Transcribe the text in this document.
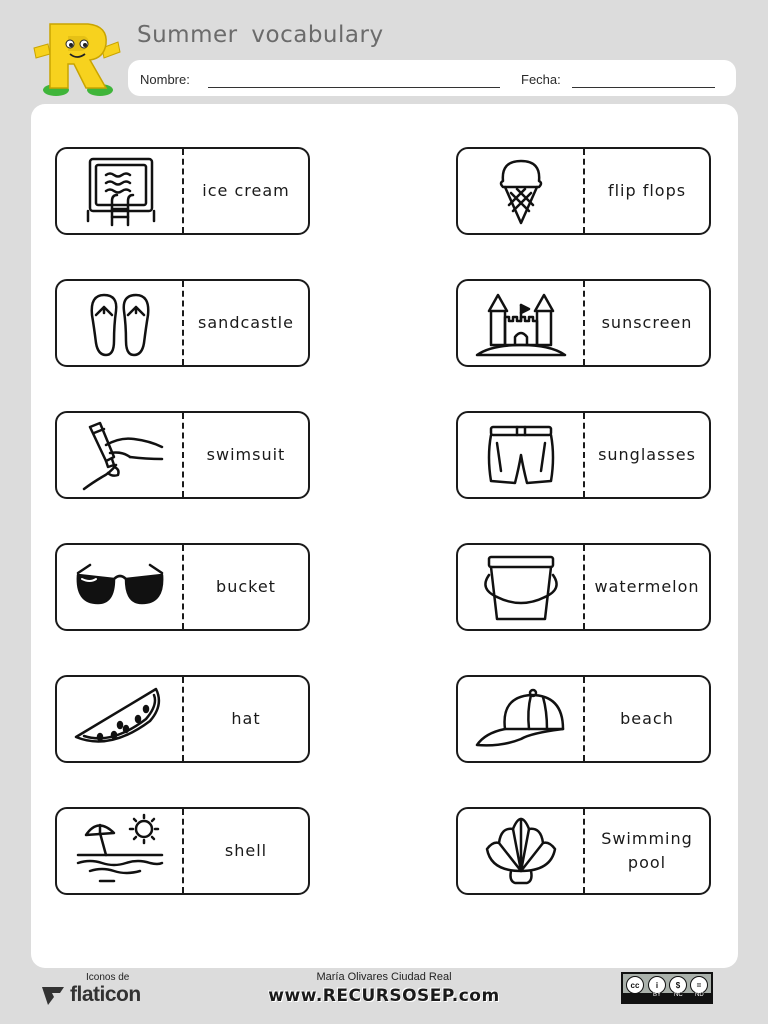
Summer vocabulary
Nombre:	Fecha:
ice cream	flip flops
sandcastle	sunscreen
swimsuit	sunglasses
bucket	watermelon
hat	beach
shell
Swimming pool
Iconos de
flaticon
María Olivares Ciudad Real
www.RECURSOSEP.com
cc	i	$	=
BY NC ND
